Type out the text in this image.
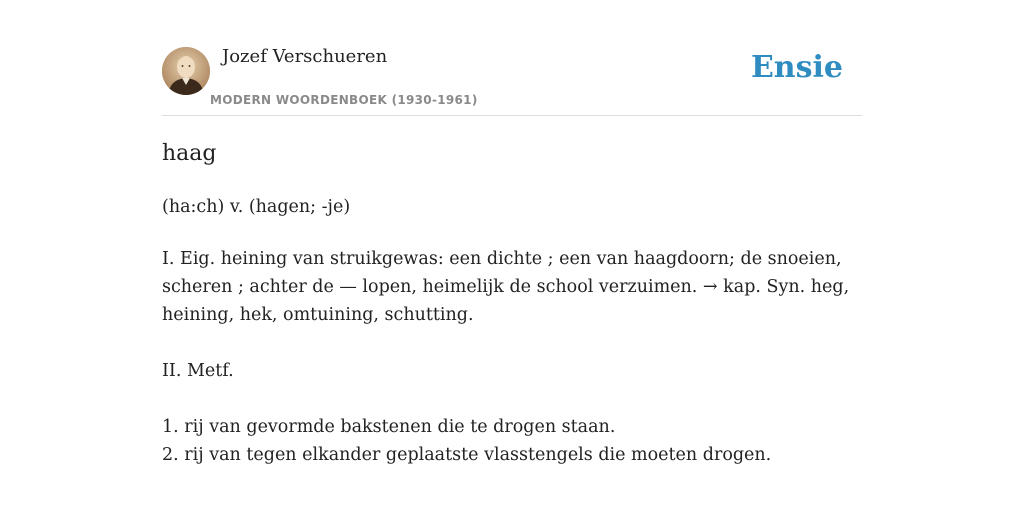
Jozef Verschueren
MODERN WOORDENBOEK (1930-1961)
Ensie
haag

(ha:ch) v. (hagen; -je)

I. Eig. heining van struikgewas: een dichte ; een van haagdoorn; de snoeien, scheren ; achter de — lopen, heimelijk de school verzuimen. → kap. Syn. heg, heining, hek, omtuining, schutting.

II. Metf.

1. rij van gevormde bakstenen die te drogen staan.

2. rij van tegen elkander geplaatste vlasstengels die moeten drogen.
